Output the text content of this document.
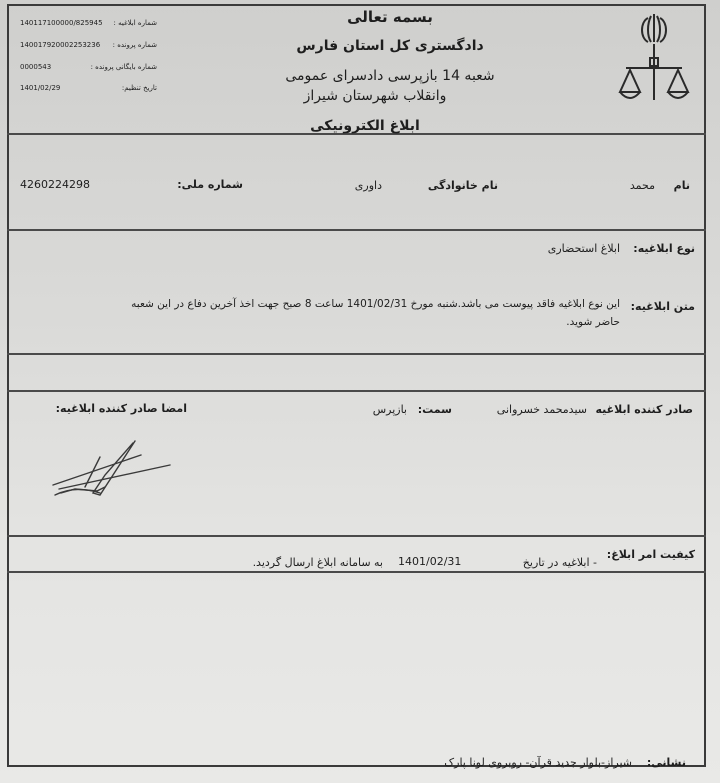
بسمه تعالی
دادگستری کل استان فارس
شعبه 14 بازپرسی دادسرای عمومی
وانقلاب شهرستان شیراز
ابلاغ الکترونیکی
شماره ابلاغیه :
140117100000/825945
شماره پرونده :
140017920002253236
شماره بایگانی پرونده :
0000543
تاریخ تنظیم:
1401/02/29
نام
محمد
نام خانوادگی
داوری
شماره ملی:
4260224298
نوع ابلاغیه:
ابلاغ استحضاری
متن ابلاغیه:
این نوع ابلاغیه فاقد پیوست می باشد.شنبه مورخ 1401/02/31 ساعت 8 صبح جهت اخذ آخرین دفاع در این شعبه
حاضر شوید.
صادر کننده ابلاغیه
سیدمحمد خسروانی
سمت:
بازپرس
امضا صادر کننده ابلاغیه:
کیفیت امر ابلاغ:
- ابلاغیه در تاریخ
1401/02/31
به سامانه ابلاغ ارسال گردید.
نشانی:
شیراز-بلوار جدید قرآن- روبروی لونا پارک
